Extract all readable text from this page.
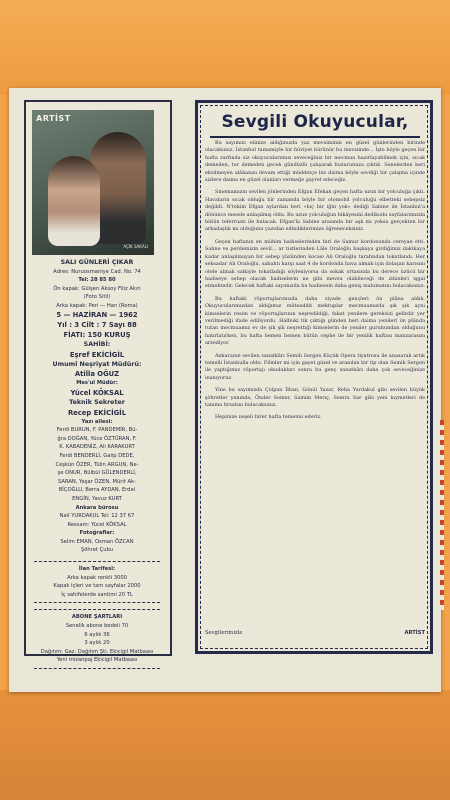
ARTİST
AÇIK SAKALI
SALI GÜNLERİ ÇIKAR
Adres: Nuruosmaniye Cad. No. 74
Tel: 28 85 80
Ön kapak: Gülşen Aksoy Filiz Akın
(Foto Sitil)
Arka kapak: Peri — Han (Roma)
5 — HAZİRAN — 1962
Yıl : 3 Cilt : 7 Sayı 88
FİATI: 150 KURUŞ
SAHİBİ:
Eşref EKİCİGİL
Umumî Neşriyat Müdürü:
Atilla OĞUZ
Mes'ul Müdür:
Yücel KÖKSAL
Teknik Sekreter
Recep EKİCİGİL
Yazı ailesi:
Ferdi BURUN, F. PANDEMİR, Bü-
ğra DOĞAN, Yüce ÖZTÜRAN, F.
K. KABADENİZ, Ali KARAKURT
Ferdi BENDERLİ, Galip DEDE,
Ceşkün ÖZER, Tülin ARGUN, Ne-
şe ONUR, Bülbül GÜLENDERLİ,
SARAN, Yaşar ÖZEN, Mürit Ak-
BİÇOĞLU, Berra AYDAN, Erdel
ENGİN, Yavuz KURT
Ankara bürosu
Nail YURDAKUL Tel: 12 37 67
Ressam: Yücel KÖKSAL
Fotoğraflar:
Selim EMAN, Osman ÖZCAN
Şöhret Çubu
İlan Tarifesi:
Arka kapak renkli 3000
Kapak içleri ve tam sayfalar 2000
İç sahifelerde santimi 20 TL
ABONE ŞARTLARI
Senelik abone bedeli 70
6 aylık 36
3 aylık 20
Dağıtım: Gaz. Dağıtım Şti. Ekicigil Matbaası
Yeni mizanpaj Ekicigil Matbaası
Sevgili Okuyucular,

Bu sayımızı elinize aldığınızda yaz mevsiminin en güzel günlerinden birinde olacaksınız. İstanbul tamamiyle bir hüviyet bürünür bu mevsimde... İşte böyle geçen bir hafta zarfında siz okuyucularımızı seveceğiniz bir mecmua hazırlayabilmek için, sıcak demeden, tor demeden gecelı gündüzlü çalışarak huzurunuza çıktık. Senelerden beri eksilmeyen alâkanızı devam ettiği müddetçe biz daima böyle sevdiği bir çalışma içinde sizlere daima en güzel olanları vermeğe gayret edeceğiz.

Sinemamızın sevilen jönlerinden Efgan Efekan geçen hafta uzun bir yolculuğa çıktı. Havaların sıcak olduğu bir zamanda böyle bir otomobil yolculuğu elbetteki sebepsiz değildi. N'tekim Efgan aylardan beri «hiç bir iğin yok» dediği Sabine ile İstanbul'a dönünce mesele anlaşılmış oldu. Bu uzun yolculuğun hikâyesini dedikodu sayfalarımızda bütün teferruatı ile bulacak. Efgan'la Sabine arasında bir aşk mı yoksa gerçekten bir arkadaşlık mı olduğunu yazıdan edindiklerimize öğreneceksiniz.

Geçen haftanın en mühim hadiselerinden biri de Samur kordonunda cereyan etti. Sahne ve perdemizin sevil... ar tistlerinden Lâle Oraloğlu başkaya girdiğimiz dakikaya kadar anlaşılmayan bir sebep yüzünden kocası Ali Oraloğlu tarafından tokatlandı. Her seksadar Ali Oraloğlu, sabahtı karşı saat 4 de kordonda hava almak için dolaşan karısını otele almak salkiyle tokatladığı söyleniyorsa da sokak ortasında bu derece üzücü bir hadiseye sebep olacak hadiselerin ne gibi mevzu olabileceği de zihinleri işgal etmektedir. Gelecek haftaki sayımızda bu hadisenin daha geniş malumatını bulacaksınız.

Bu haftaki röportajlarımızda daha ziyade gençleri ön plâna aldık. Okuyucularımızdan aldığımız müteaddit mektuplar mecmuamızda şık şık ayni kimselerin resim ve röportajlarının neşredildiği, fakat yenilere gereksizi gelirdir yer verilmediği ifade ediliyordu. Halbuki tik çıktığı günden beri daima yenileri ön plânda tutan mecmuamız ev de şik şik neşrettiği kimselerin de yeniler guruhundan olduğunu hatırlatırken, bu hafta hemen hemen bütün cephe ile bir yenilik haftası manzarasını arzediyor.

Ankaranın sevilen sanatkârı Semih Sergen Küçük Opera tiyatrosu ile anasarak artık temelli İstanbulla oldu. Filmler mi için gayet güzel ve aranılan bir tip olan Semih Sergen ile yaptığımız röportajı okudukları sonra bu genç sanatkârı daha çok seveceğinize inanıyoruz.

Yine bu sayımızda Çolpan İlhan, Gönül Yazar, Reha Yurdakul gibi sevilen büyük şöhretler yanında, Önder Somer, Samim Meriç, Semra Sar gibi yeni kıymetleri de tanıma fırsatını bulacaksınız.

Hepinize neşeli birer hafta temenni ederiz.

Sevgilerimizle	ARTİST
